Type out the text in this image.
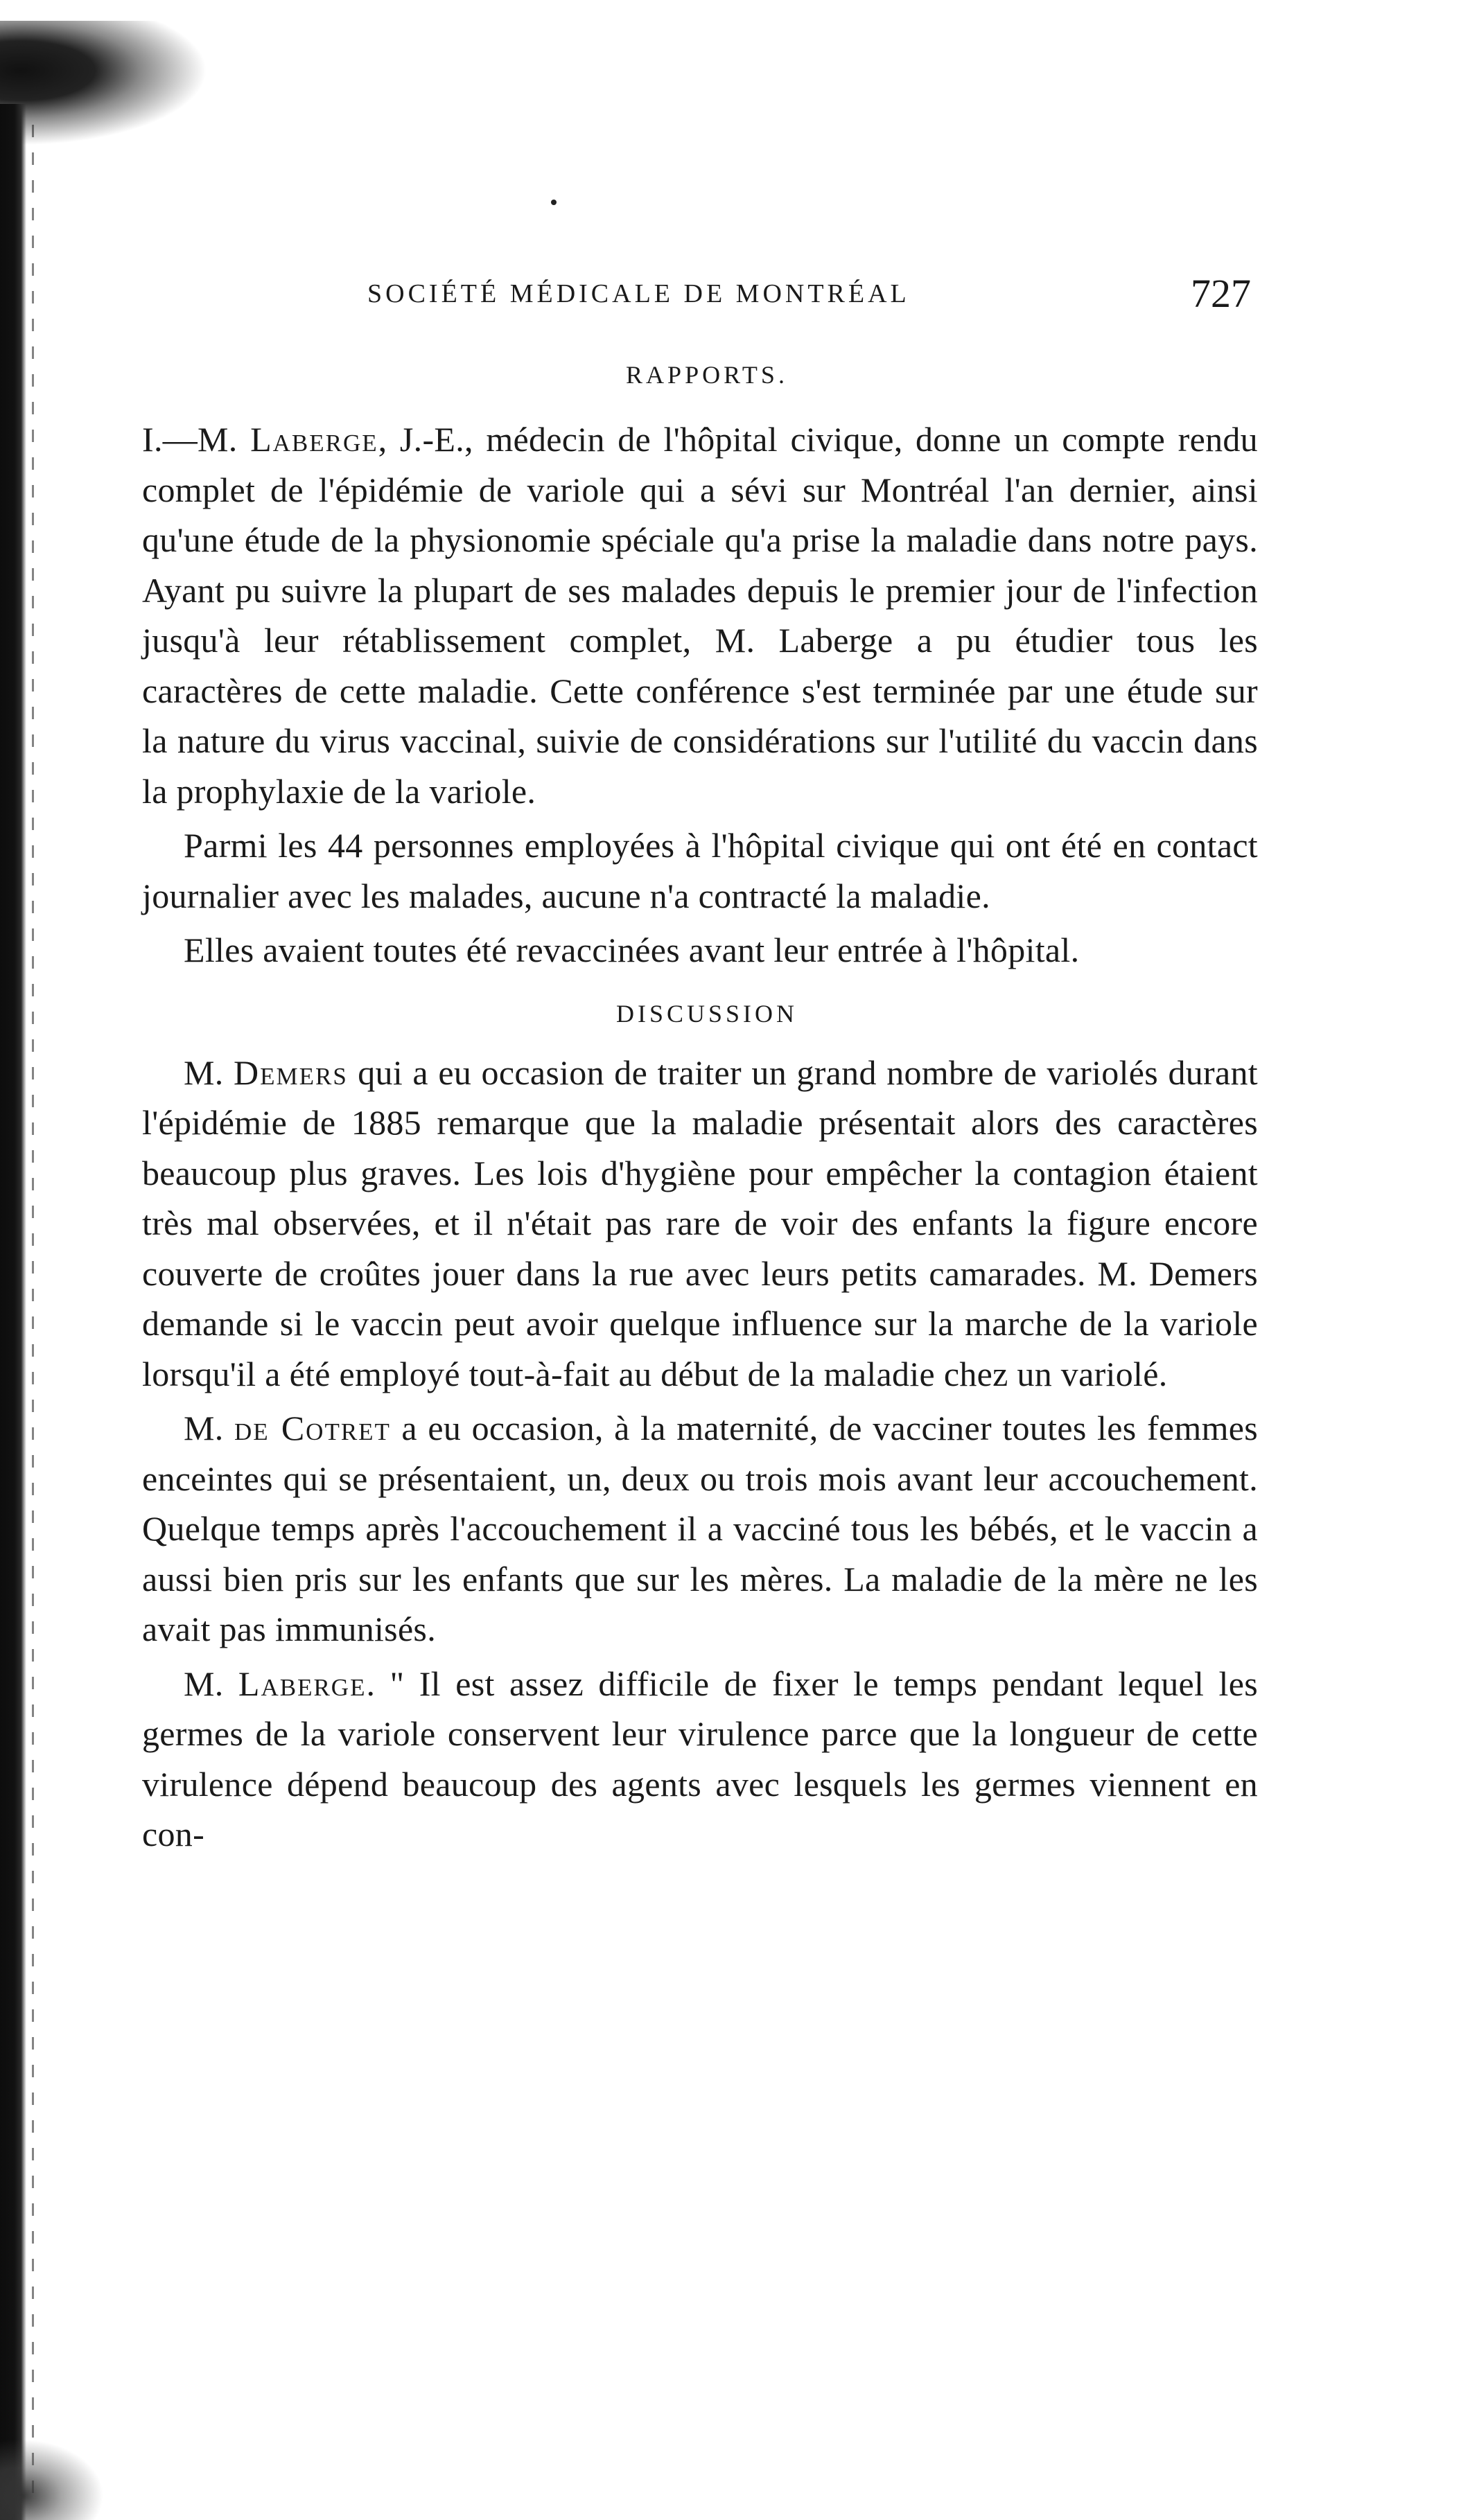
SOCIÉTÉ MÉDICALE DE MONTRÉAL	727
RAPPORTS.

I.—M. Laberge, J.-E., médecin de l'hôpital civique, donne un compte rendu complet de l'épidémie de variole qui a sévi sur Montréal l'an dernier, ainsi qu'une étude de la physionomie spéciale qu'a prise la maladie dans notre pays. Ayant pu suivre la plupart de ses malades depuis le premier jour de l'infection jusqu'à leur rétablissement complet, M. Laberge a pu étudier tous les caractères de cette maladie. Cette conférence s'est terminée par une étude sur la nature du virus vaccinal, suivie de considérations sur l'utilité du vaccin dans la prophylaxie de la variole.

Parmi les 44 personnes employées à l'hôpital civique qui ont été en contact journalier avec les malades, aucune n'a contracté la maladie.

Elles avaient toutes été revaccinées avant leur entrée à l'hôpital.

DISCUSSION

M. Demers qui a eu occasion de traiter un grand nombre de variolés durant l'épidémie de 1885 remarque que la maladie présentait alors des caractères beaucoup plus graves. Les lois d'hygiène pour empêcher la contagion étaient très mal observées, et il n'était pas rare de voir des enfants la figure encore couverte de croûtes jouer dans la rue avec leurs petits camarades. M. Demers demande si le vaccin peut avoir quelque influence sur la marche de la variole lorsqu'il a été employé tout-à-fait au début de la maladie chez un variolé.

M. de Cotret a eu occasion, à la maternité, de vacciner toutes les femmes enceintes qui se présentaient, un, deux ou trois mois avant leur accouchement. Quelque temps après l'accouchement il a vacciné tous les bébés, et le vaccin a aussi bien pris sur les enfants que sur les mères. La maladie de la mère ne les avait pas immunisés.

M. Laberge. " Il est assez difficile de fixer le temps pendant lequel les germes de la variole conservent leur virulence parce que la longueur de cette virulence dépend beaucoup des agents avec lesquels les germes viennent en con-
